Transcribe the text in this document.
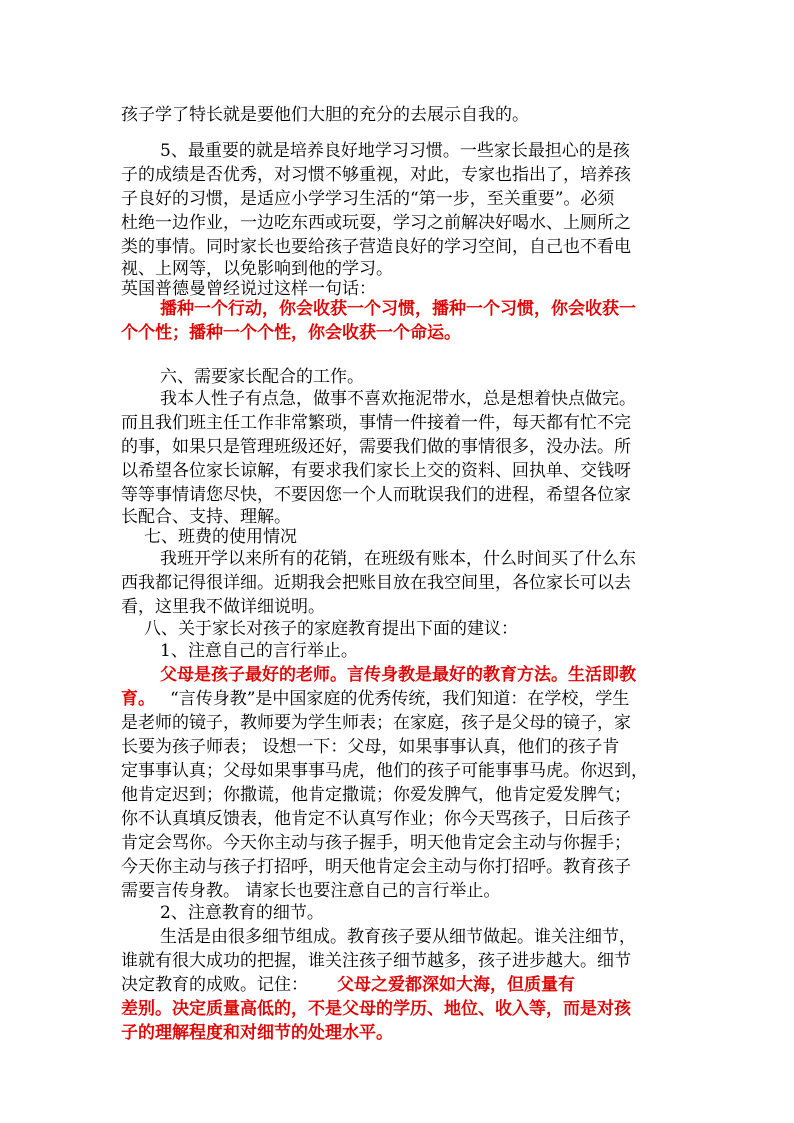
孩子学了特长就是要他们大胆的充分的去展示自我的。
5、最重要的就是培养良好地学习习惯。一些家长最担心的是孩
子的成绩是否优秀，对习惯不够重视，对此，专家也指出了，培养孩
子良好的习惯，是适应小学学习生活的“第一步，至关重要”。必须
杜绝一边作业，一边吃东西或玩耍，学习之前解决好喝水、上厕所之
类的事情。同时家长也要给孩子营造良好的学习空间，自己也不看电
视、上网等，以免影响到他的学习。
英国普德曼曾经说过这样一句话：
播种一个行动，你会收获一个习惯，播种一个习惯，你会收获一
个个性；播种一个个性，你会收获一个命运。
六、需要家长配合的工作。
我本人性子有点急，做事不喜欢拖泥带水，总是想着快点做完。
而且我们班主任工作非常繁琐，事情一件接着一件，每天都有忙不完
的事，如果只是管理班级还好，需要我们做的事情很多，没办法。所
以希望各位家长谅解，有要求我们家长上交的资料、回执单、交钱呀
等等事情请您尽快，不要因您一个人而耽误我们的进程，希望各位家
长配合、支持、理解。
七、班费的使用情况
我班开学以来所有的花销，在班级有账本，什么时间买了什么东
西我都记得很详细。近期我会把账目放在我空间里，各位家长可以去
看，这里我不做详细说明。
八、关于家长对孩子的家庭教育提出下面的建议：
1、注意自己的言行举止。
父母是孩子最好的老师。言传身教是最好的教育方法。生活即教
育。 “言传身教”是中国家庭的优秀传统，我们知道：在学校，学生
是老师的镜子，教师要为学生师表；在家庭，孩子是父母的镜子，家
长要为孩子师表； 设想一下：父母，如果事事认真，他们的孩子肯
定事事认真；父母如果事事马虎，他们的孩子可能事事马虎。你迟到，
他肯定迟到；你撒谎，他肯定撒谎；你爱发脾气，他肯定爱发脾气；
你不认真填反馈表，他肯定不认真写作业；你今天骂孩子，日后孩子
肯定会骂你。今天你主动与孩子握手，明天他肯定会主动与你握手；
今天你主动与孩子打招呼，明天他肯定会主动与你打招呼。教育孩子
需要言传身教。 请家长也要注意自己的言行举止。
2、注意教育的细节。
生活是由很多细节组成。教育孩子要从细节做起。谁关注细节，
谁就有很大成功的把握，谁关注孩子细节越多，孩子进步越大。细节
决定教育的成败。记住： 父母之爱都深如大海，但质量有
差别。决定质量高低的，不是父母的学历、地位、收入等，而是对孩
子的理解程度和对细节的处理水平。
